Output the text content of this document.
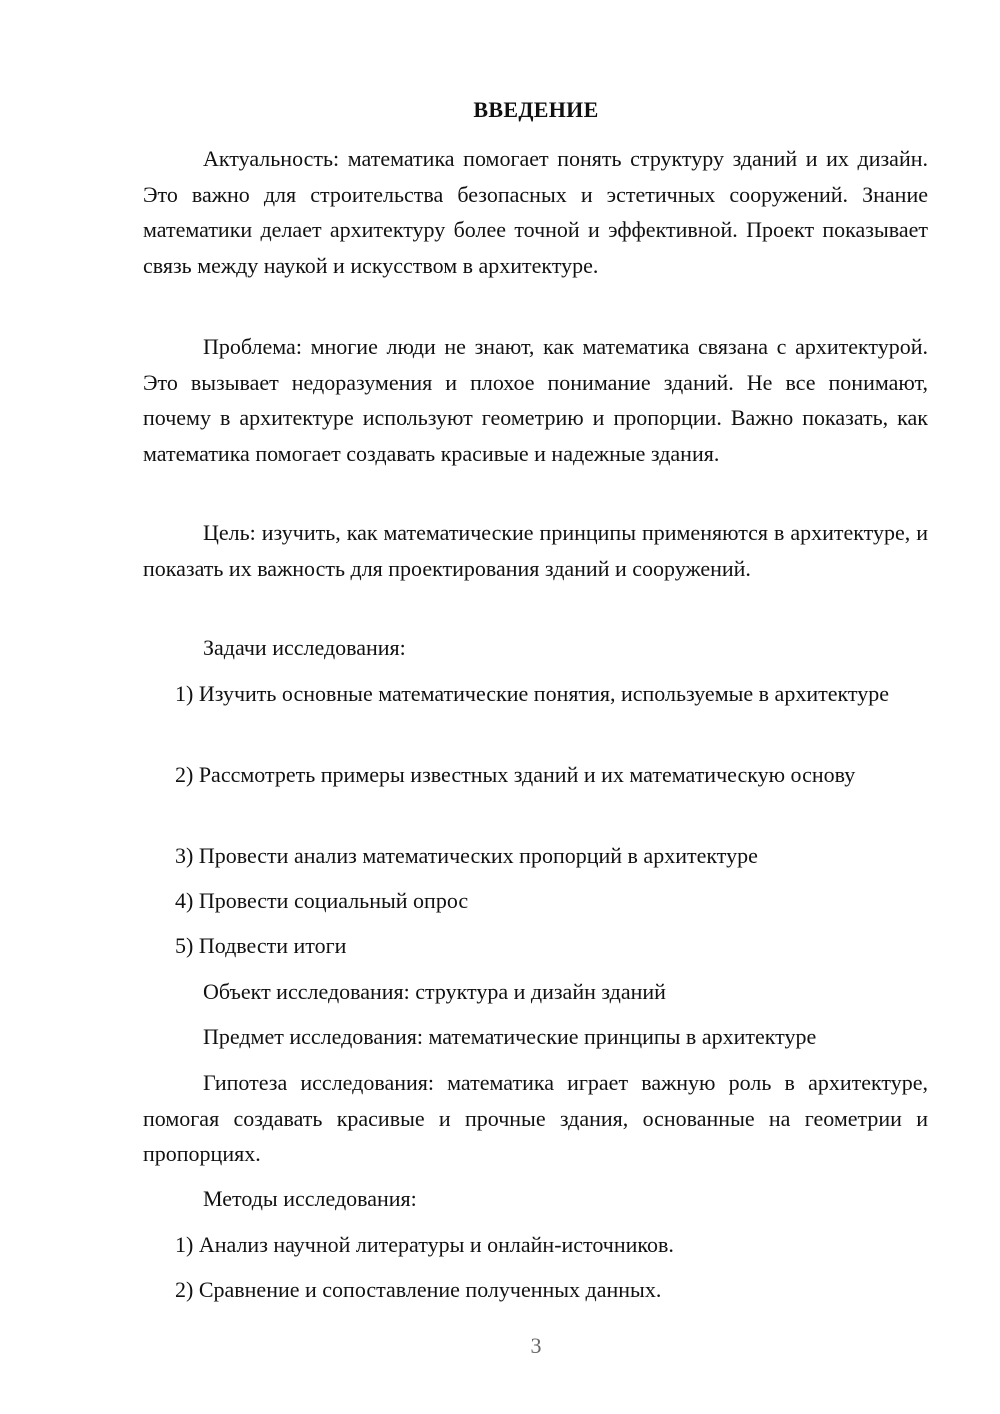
ВВЕДЕНИЕ
Актуальность: математика помогает понять структуру зданий и их дизайн. Это важно для строительства безопасных и эстетичных сооружений. Знание математики делает архитектуру более точной и эффективной. Проект показывает связь между наукой и искусством в архитектуре.
Проблема: многие люди не знают, как математика связана с архитектурой. Это вызывает недоразумения и плохое понимание зданий. Не все понимают, почему в архитектуре используют геометрию и пропорции. Важно показать, как математика помогает создавать красивые и надежные здания.
Цель: изучить, как математические принципы применяются в архитектуре, и показать их важность для проектирования зданий и сооружений.
Задачи исследования:
1) Изучить основные математические понятия, используемые в архитектуре
2) Рассмотреть примеры известных зданий и их математическую основу
3) Провести анализ математических пропорций в архитектуре
4) Провести социальный опрос
5) Подвести итоги
Объект исследования: структура и дизайн зданий
Предмет исследования: математические принципы в архитектуре
Гипотеза исследования: математика играет важную роль в архитектуре, помогая создавать красивые и прочные здания, основанные на геометрии и пропорциях.
Методы исследования:
1) Анализ научной литературы и онлайн-источников.
2) Сравнение и сопоставление полученных данных.
3
